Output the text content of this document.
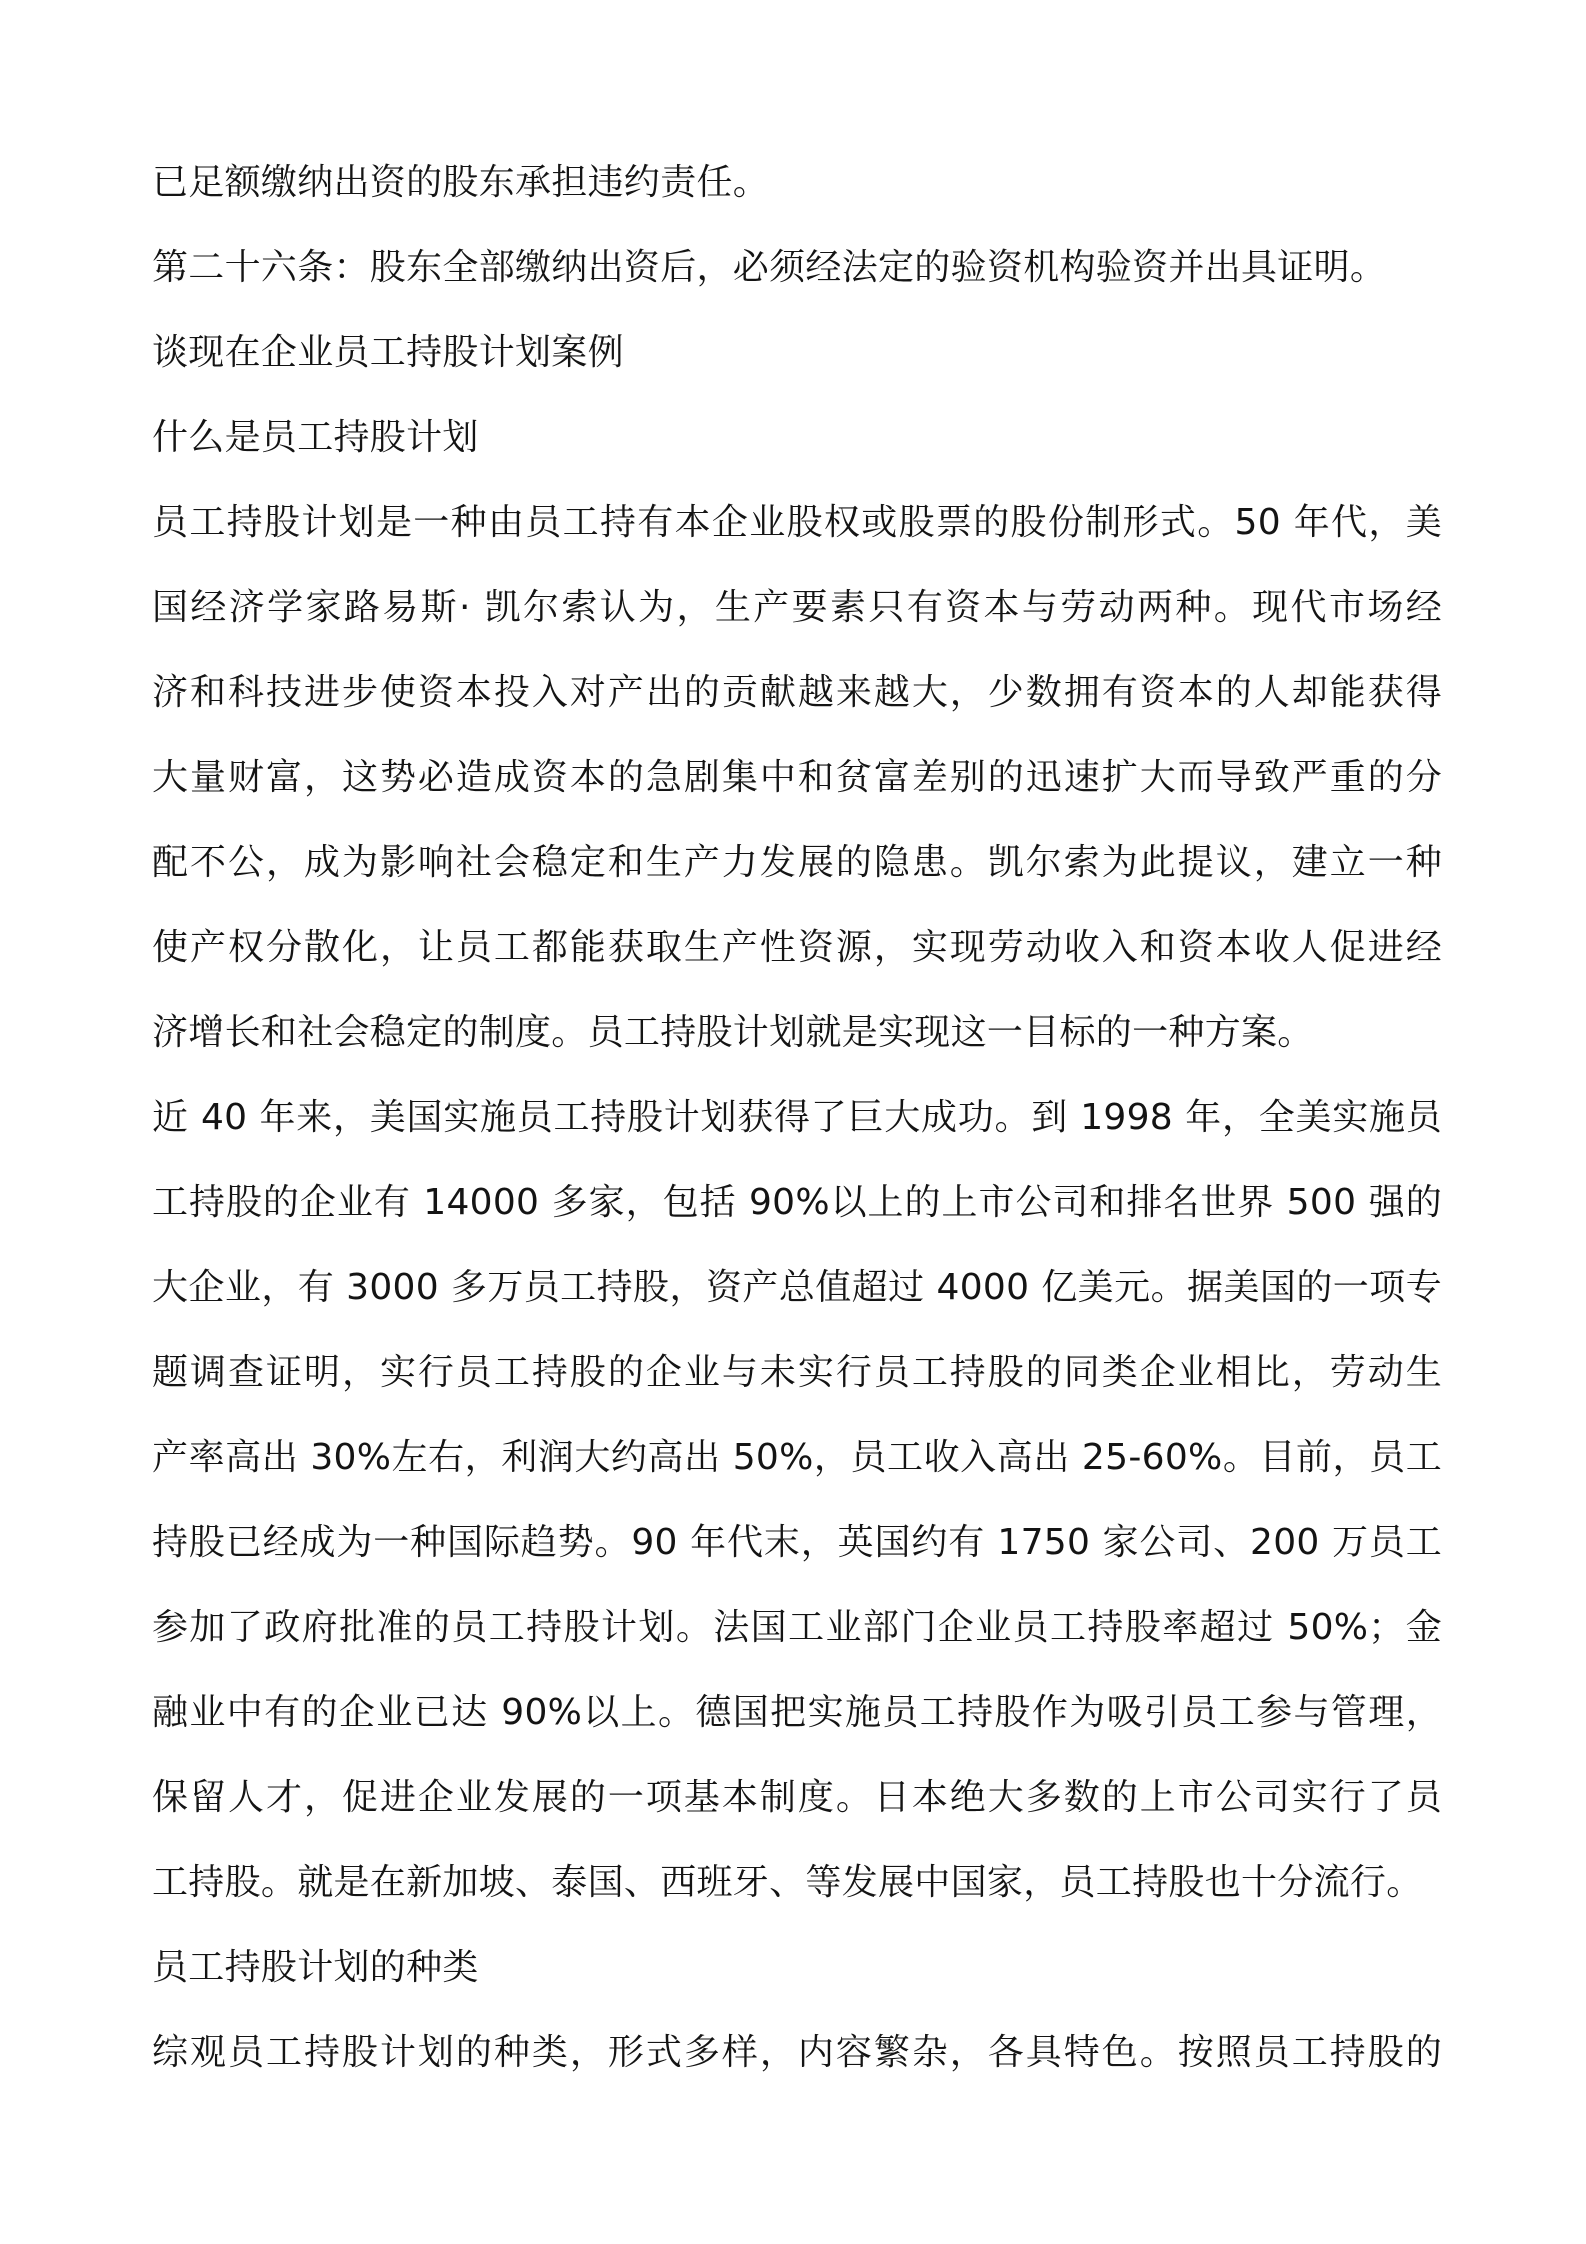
已足额缴纳出资的股东承担违约责任。
第二十六条：股东全部缴纳出资后，必须经法定的验资机构验资并出具证明。
谈现在企业员工持股计划案例
什么是员工持股计划
员工持股计划是一种由员工持有本企业股权或股票的股份制形式。50 年代，美
国经济学家路易斯· 凯尔索认为，生产要素只有资本与劳动两种。现代市场经
济和科技进步使资本投入对产出的贡献越来越大，少数拥有资本的人却能获得
大量财富，这势必造成资本的急剧集中和贫富差别的迅速扩大而导致严重的分
配不公，成为影响社会稳定和生产力发展的隐患。凯尔索为此提议，建立一种
使产权分散化，让员工都能获取生产性资源，实现劳动收入和资本收人促进经
济增长和社会稳定的制度。员工持股计划就是实现这一目标的一种方案。
近 40 年来，美国实施员工持股计划获得了巨大成功。到 1998 年，全美实施员
工持股的企业有 14000 多家，包括 90%以上的上市公司和排名世界 500 强的
大企业，有 3000 多万员工持股，资产总值超过 4000 亿美元。据美国的一项专
题调查证明，实行员工持股的企业与未实行员工持股的同类企业相比，劳动生
产率高出 30%左右，利润大约高出 50%，员工收入高出 25-60%。目前，员工
持股已经成为一种国际趋势。90 年代末，英国约有 1750 家公司、200 万员工
参加了政府批准的员工持股计划。法国工业部门企业员工持股率超过 50%；金
融业中有的企业已达 90%以上。德国把实施员工持股作为吸引员工参与管理，
保留人才，促进企业发展的一项基本制度。日本绝大多数的上市公司实行了员
工持股。就是在新加坡、泰国、西班牙、等发展中国家，员工持股也十分流行。
员工持股计划的种类
综观员工持股计划的种类，形式多样，内容繁杂，各具特色。按照员工持股的
